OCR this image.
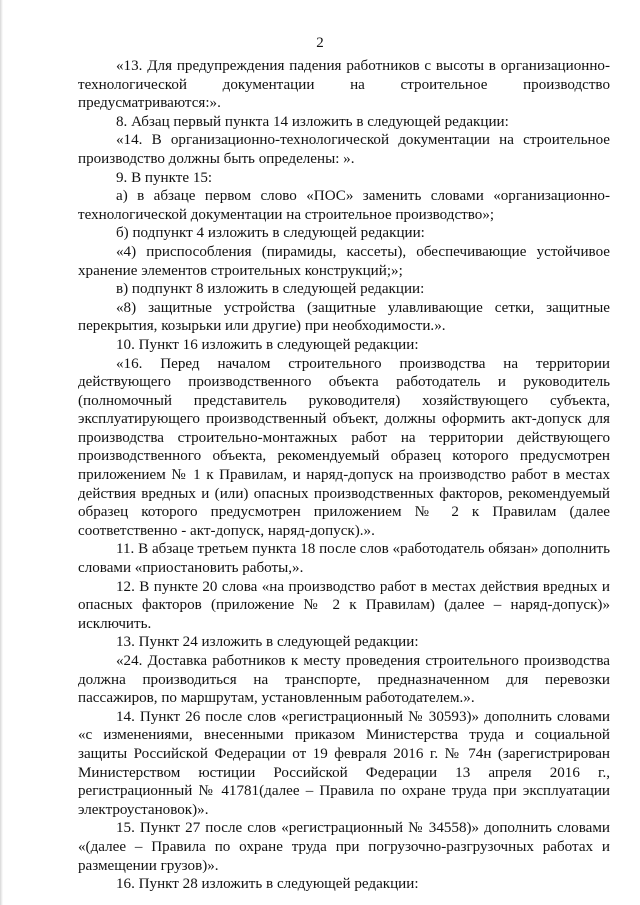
2

«13. Для предупреждения падения работников с высоты в организационно-технологической документации на строительное производство предусматриваются:».

8. Абзац первый пункта 14 изложить в следующей редакции:

«14. В организационно-технологической документации на строительное производство должны быть определены: ».

9. В пункте 15:

а) в абзаце первом слово «ПОС» заменить словами «организационно-технологической документации на строительное производство»;

б) подпункт 4 изложить в следующей редакции:

«4) приспособления (пирамиды, кассеты), обеспечивающие устойчивое хранение элементов строительных конструкций;»;

в) подпункт 8 изложить в следующей редакции:

«8) защитные устройства (защитные улавливающие сетки, защитные перекрытия, козырьки или другие) при необходимости.».

10. Пункт 16 изложить в следующей редакции:

«16. Перед началом строительного производства на территории действующего производственного объекта работодатель и руководитель (полномочный представитель руководителя) хозяйствующего субъекта, эксплуатирующего производственный объект, должны оформить акт-допуск для производства строительно-монтажных работ на территории действующего производственного объекта, рекомендуемый образец которого предусмотрен приложением № 1 к Правилам, и наряд-допуск на производство работ в местах действия вредных и (или) опасных производственных факторов, рекомендуемый образец которого предусмотрен приложением № 2 к Правилам (далее соответственно - акт-допуск, наряд-допуск).».

11. В абзаце третьем пункта 18 после слов «работодатель обязан» дополнить словами «приостановить работы,».

12. В пункте 20 слова «на производство работ в местах действия вредных и опасных факторов (приложение № 2 к Правилам) (далее – наряд-допуск)» исключить.

13. Пункт 24 изложить в следующей редакции:

«24. Доставка работников к месту проведения строительного производства должна производиться на транспорте, предназначенном для перевозки пассажиров, по маршрутам, установленным работодателем.».

14. Пункт 26 после слов «регистрационный № 30593)» дополнить словами «с изменениями, внесенными приказом Министерства труда и социальной защиты Российской Федерации от 19 февраля 2016 г. № 74н (зарегистрирован Министерством юстиции Российской Федерации 13 апреля 2016 г., регистрационный № 41781(далее – Правила по охране труда при эксплуатации электроустановок)».

15. Пункт 27 после слов «регистрационный № 34558)» дополнить словами «(далее – Правила по охране труда при погрузочно-разгрузочных работах и размещении грузов)».

16. Пункт 28 изложить в следующей редакции:
